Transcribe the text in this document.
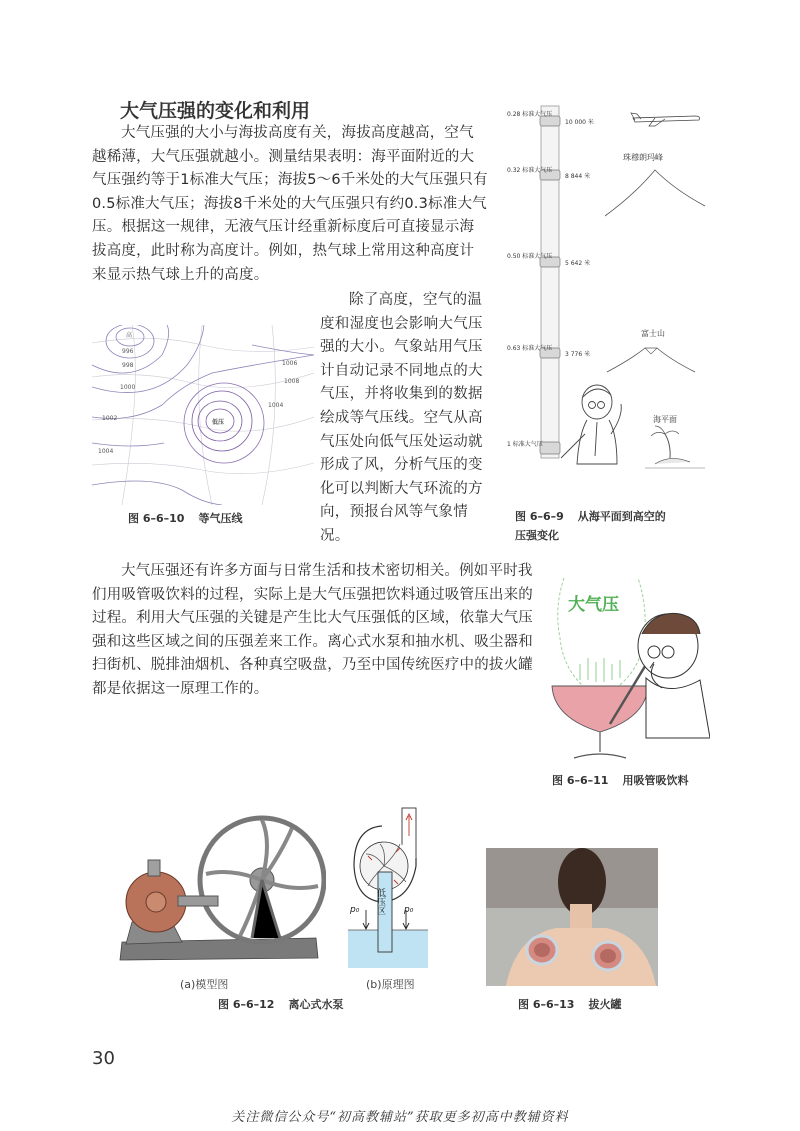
大气压强的变化和利用

大气压强的大小与海拔高度有关，海拔高度越高，空气越稀薄，大气压强就越小。测量结果表明：海平面附近的大气压强约等于1标准大气压；海拔5～6千米处的大气压强只有0.5标准大气压；海拔8千米处的大气压强只有约0.3标准大气压。根据这一规律，无液气压计经重新标度后可直接显示海拔高度，此时称为高度计。例如，热气球上常用这种高度计来显示热气球上升的高度。

高
996
998
1000
1002
1004
1006
1008
1004
低压
图 6–6–10 等气压线

除了高度，空气的温度和湿度也会影响大气压强的大小。气象站用气压计自动记录不同地点的大气压，并将收集到的数据绘成等气压线。空气从高气压处向低气压处运动就形成了风，分析气压的变化可以判断大气环流的方向，预报台风等气象情况。

0.28 标准大气压
10 000 米
0.32 标准大气压
8 844 米
0.50 标准大气压
5 642 米
0.63 标准大气压
3 776 米
1 标准大气压
珠穆朗玛峰
富士山
海平面
图 6–6–9 从海平面到高空的
压强变化

大气压强还有许多方面与日常生活和技术密切相关。例如平时我们用吸管吸饮料的过程，实际上是大气压强把饮料通过吸管压出来的过程。利用大气压强的关键是产生比大气压强低的区域，依靠大气压强和这些区域之间的压强差来工作。离心式水泵和抽水机、吸尘器和扫街机、脱排油烟机、各种真空吸盘，乃至中国传统医疗中的拔火罐都是依据这一原理工作的。

大气压
图 6–6–11 用吸管吸饮料
(a)模型图
低压区
p₀	p₀
(b)原理图
图 6–6–12 离心式水泵	图 6–6–13 拔火罐
30
关注微信公众号“初高教辅站”获取更多初高中教辅资料
